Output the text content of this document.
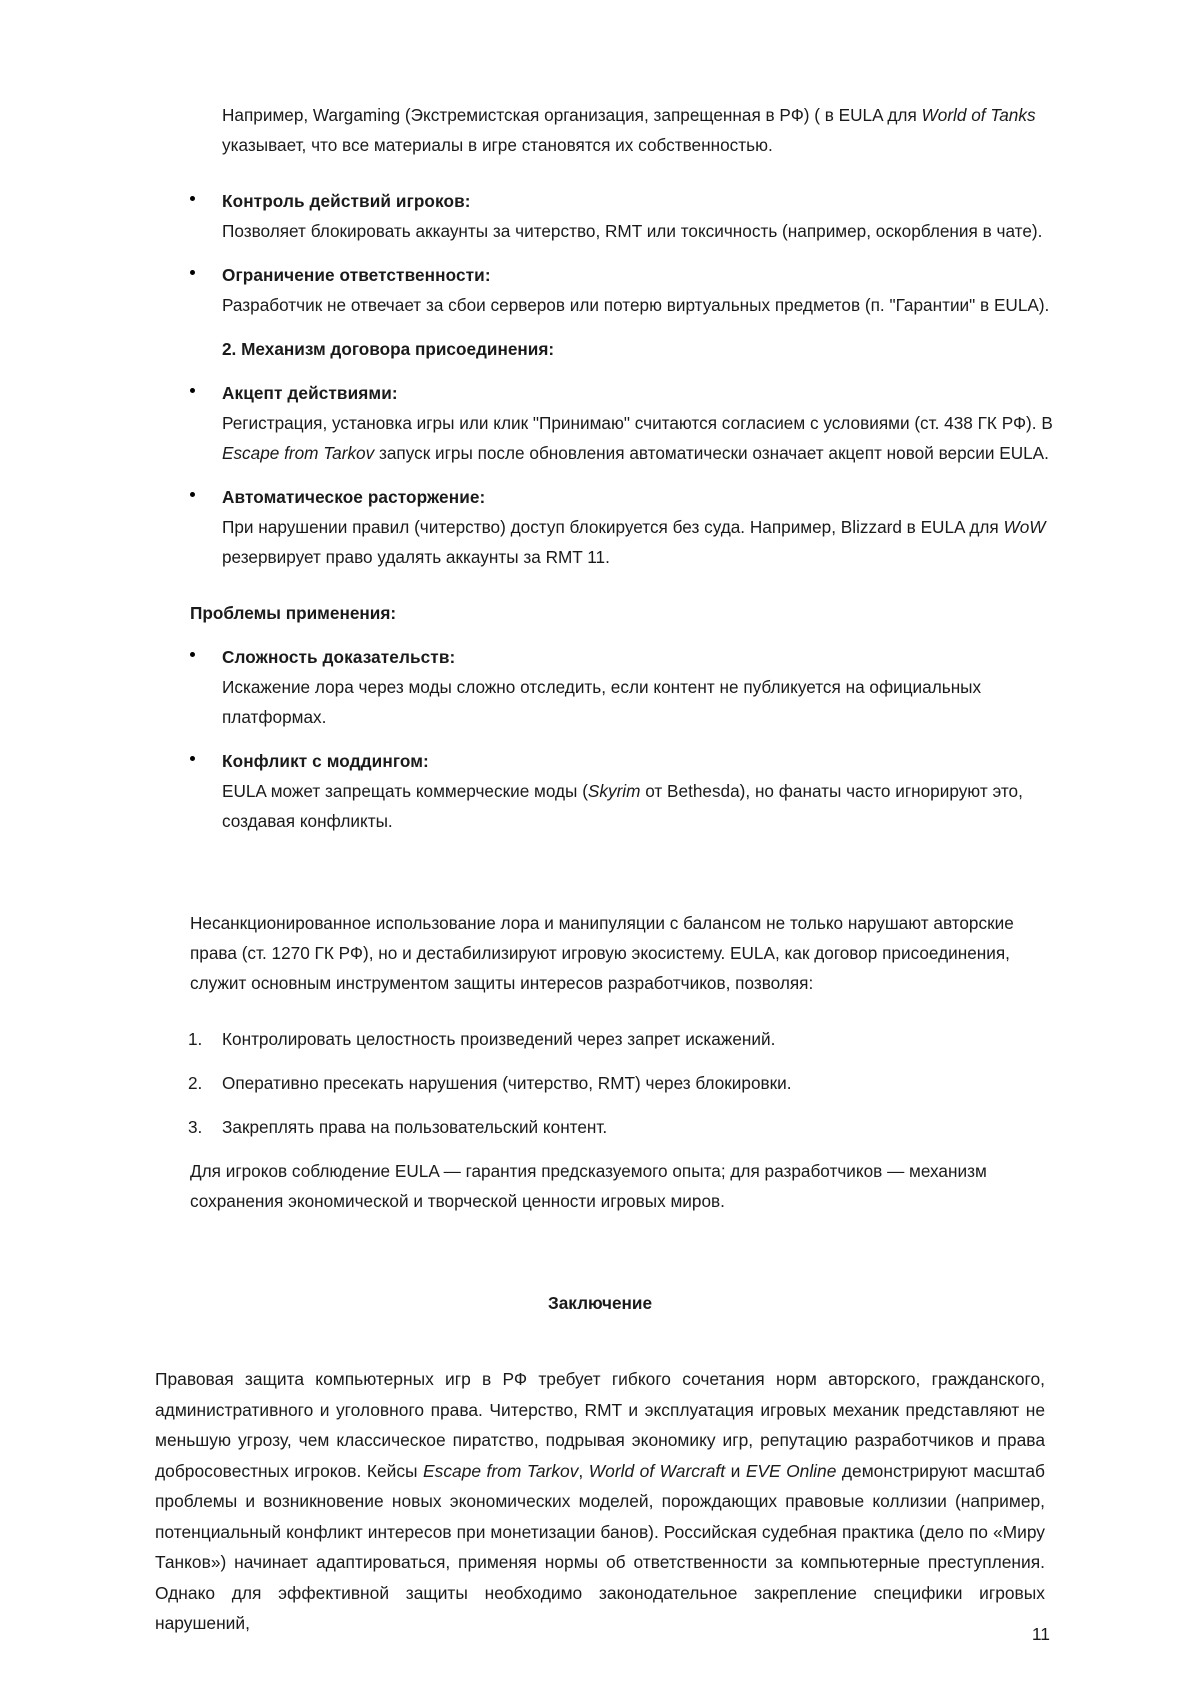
Например, Wargaming (Экстремистская организация, запрещенная в РФ) ( в EULA для World of Tanks указывает, что все материалы в игре становятся их собственностью.
Контроль действий игроков:
Позволяет блокировать аккаунты за читерство, RMT или токсичность (например, оскорбления в чате).
Ограничение ответственности:
Разработчик не отвечает за сбои серверов или потерю виртуальных предметов (п. "Гарантии" в EULA).
2. Механизм договора присоединения:
Акцепт действиями:
Регистрация, установка игры или клик "Принимаю" считаются согласием с условиями (ст. 438 ГК РФ). В Escape from Tarkov запуск игры после обновления автоматически означает акцепт новой версии EULA.
Автоматическое расторжение:
При нарушении правил (читерство) доступ блокируется без суда. Например, Blizzard в EULA для WoW резервирует право удалять аккаунты за RMT 11.
Проблемы применения:
Сложность доказательств:
Искажение лора через моды сложно отследить, если контент не публикуется на официальных платформах.
Конфликт с моддингом:
EULA может запрещать коммерческие моды (Skyrim от Bethesda), но фанаты часто игнорируют это, создавая конфликты.
Несанкционированное использование лора и манипуляции с балансом не только нарушают авторские права (ст. 1270 ГК РФ), но и дестабилизируют игровую экосистему. EULA, как договор присоединения, служит основным инструментом защиты интересов разработчиков, позволяя:
1.	Контролировать целостность произведений через запрет искажений.
2.	Оперативно пресекать нарушения (читерство, RMT) через блокировки.
3.	Закреплять права на пользовательский контент.
Для игроков соблюдение EULA — гарантия предсказуемого опыта; для разработчиков — механизм сохранения экономической и творческой ценности игровых миров.
Заключение
Правовая защита компьютерных игр в РФ требует гибкого сочетания норм авторского, гражданского, административного и уголовного права. Читерство, RMT и эксплуатация игровых механик представляют не меньшую угрозу, чем классическое пиратство, подрывая экономику игр, репутацию разработчиков и права добросовестных игроков. Кейсы Escape from Tarkov, World of Warcraft и EVE Online демонстрируют масштаб проблемы и возникновение новых экономических моделей, порождающих правовые коллизии (например, потенциальный конфликт интересов при монетизации банов). Российская судебная практика (дело по «Миру Танков») начинает адаптироваться, применяя нормы об ответственности за компьютерные преступления. Однако для эффективной защиты необходимо законодательное закрепление специфики игровых нарушений,
11
